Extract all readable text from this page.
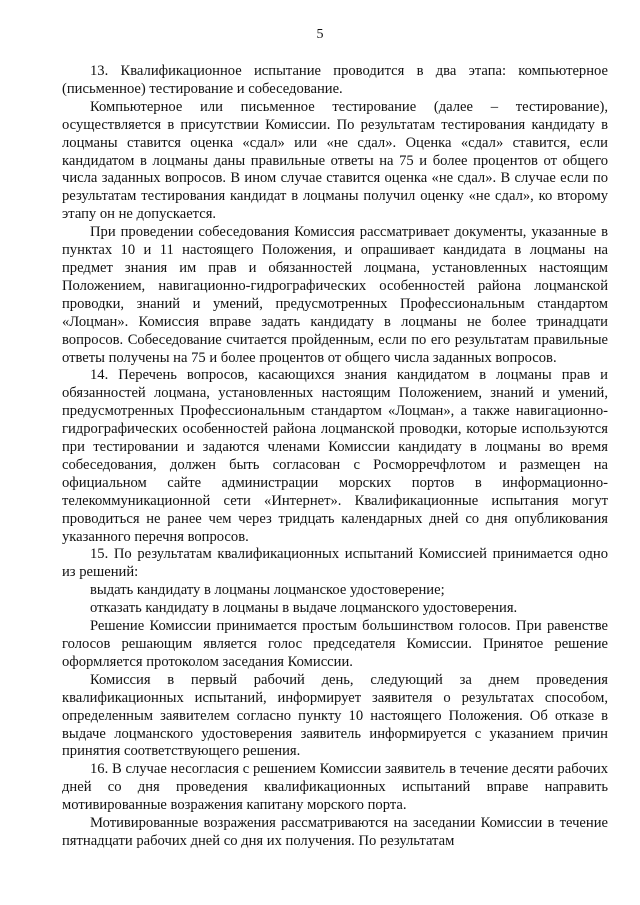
5

13. Квалификационное испытание проводится в два этапа: компьютерное (письменное) тестирование и собеседование.

Компьютерное или письменное тестирование (далее – тестирование), осуществляется в присутствии Комиссии. По результатам тестирования кандидату в лоцманы ставится оценка «сдал» или «не сдал». Оценка «сдал» ставится, если кандидатом в лоцманы даны правильные ответы на 75 и более процентов от общего числа заданных вопросов. В ином случае ставится оценка «не сдал». В случае если по результатам тестирования кандидат в лоцманы получил оценку «не сдал», ко второму этапу он не допускается.

При проведении собеседования Комиссия рассматривает документы, указанные в пунктах 10 и 11 настоящего Положения, и опрашивает кандидата в лоцманы на предмет знания им прав и обязанностей лоцмана, установленных настоящим Положением, навигационно-гидрографических особенностей района лоцманской проводки, знаний и умений, предусмотренных Профессиональным стандартом «Лоцман». Комиссия вправе задать кандидату в лоцманы не более тринадцати вопросов. Собеседование считается пройденным, если по его результатам правильные ответы получены на 75 и более процентов от общего числа заданных вопросов.

14. Перечень вопросов, касающихся знания кандидатом в лоцманы прав и обязанностей лоцмана, установленных настоящим Положением, знаний и умений, предусмотренных Профессиональным стандартом «Лоцман», а также навигационно-гидрографических особенностей района лоцманской проводки, которые используются при тестировании и задаются членами Комиссии кандидату в лоцманы во время собеседования, должен быть согласован с Росморречфлотом и размещен на официальном сайте администрации морских портов в информационно-телекоммуникационной сети «Интернет». Квалификационные испытания могут проводиться не ранее чем через тридцать календарных дней со дня опубликования указанного перечня вопросов.

15. По результатам квалификационных испытаний Комиссией принимается одно из решений:

выдать кандидату в лоцманы лоцманское удостоверение;

отказать кандидату в лоцманы в выдаче лоцманского удостоверения.

Решение Комиссии принимается простым большинством голосов. При равенстве голосов решающим является голос председателя Комиссии. Принятое решение оформляется протоколом заседания Комиссии.

Комиссия в первый рабочий день, следующий за днем проведения квалификационных испытаний, информирует заявителя о результатах способом, определенным заявителем согласно пункту 10 настоящего Положения. Об отказе в выдаче лоцманского удостоверения заявитель информируется с указанием причин принятия соответствующего решения.

16. В случае несогласия с решением Комиссии заявитель в течение десяти рабочих дней со дня проведения квалификационных испытаний вправе направить мотивированные возражения капитану морского порта.

Мотивированные возражения рассматриваются на заседании Комиссии в течение пятнадцати рабочих дней со дня их получения. По результатам
